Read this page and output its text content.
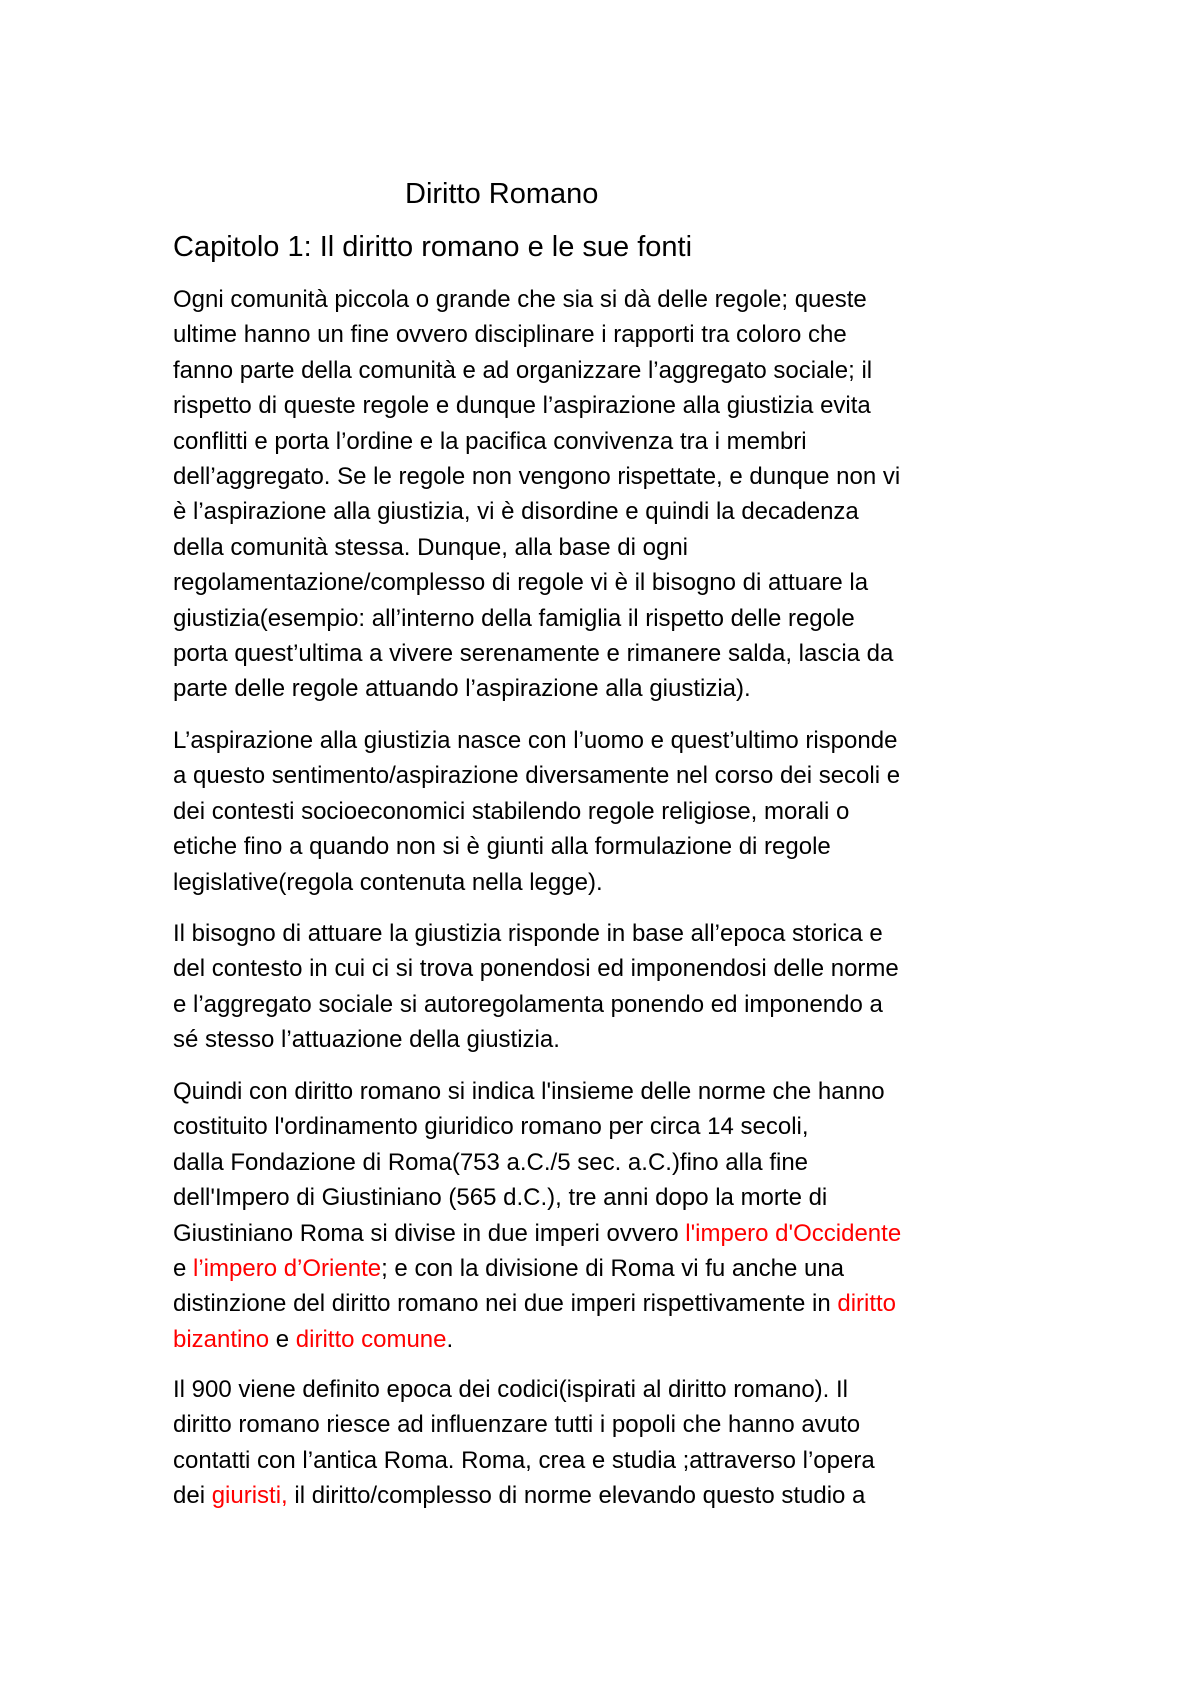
Diritto Romano
Capitolo 1: Il diritto romano e le sue fonti

Ogni comunità piccola o grande che sia si dà delle regole; queste
ultime hanno un fine ovvero disciplinare i rapporti tra coloro che
fanno parte della comunità e ad organizzare l’aggregato sociale; il
rispetto di queste regole e dunque l’aspirazione alla giustizia evita
conflitti e porta l’ordine e la pacifica convivenza tra i membri
dell’aggregato. Se le regole non vengono rispettate, e dunque non vi
è l’aspirazione alla giustizia, vi è disordine e quindi la decadenza
della comunità stessa. Dunque, alla base di ogni
regolamentazione/complesso di regole vi è il bisogno di attuare la
giustizia(esempio: all’interno della famiglia il rispetto delle regole
porta quest’ultima a vivere serenamente e rimanere salda, lascia da
parte delle regole attuando l’aspirazione alla giustizia).

L’aspirazione alla giustizia nasce con l’uomo e quest’ultimo risponde
a questo sentimento/aspirazione diversamente nel corso dei secoli e
dei contesti socioeconomici stabilendo regole religiose, morali o
etiche fino a quando non si è giunti alla formulazione di regole
legislative(regola contenuta nella legge).

Il bisogno di attuare la giustizia risponde in base all’epoca storica e
del contesto in cui ci si trova ponendosi ed imponendosi delle norme
e l’aggregato sociale si autoregolamenta ponendo ed imponendo a
sé stesso l’attuazione della giustizia.

Quindi con diritto romano si indica l'insieme delle norme che hanno
costituito l'ordinamento giuridico romano per circa 14 secoli,
dalla Fondazione di Roma(753 a.C./5 sec. a.C.)fino alla fine
dell'Impero di Giustiniano (565 d.C.), tre anni dopo la morte di
Giustiniano Roma si divise in due imperi ovvero l'impero d'Occidente
e l’impero d’Oriente; e con la divisione di Roma vi fu anche una
distinzione del diritto romano nei due imperi rispettivamente in diritto
bizantino e diritto comune.

Il 900 viene definito epoca dei codici(ispirati al diritto romano). Il
diritto romano riesce ad influenzare tutti i popoli che hanno avuto
contatti con l’antica Roma. Roma, crea e studia ;attraverso l’opera
dei giuristi, il diritto/complesso di norme elevando questo studio a
